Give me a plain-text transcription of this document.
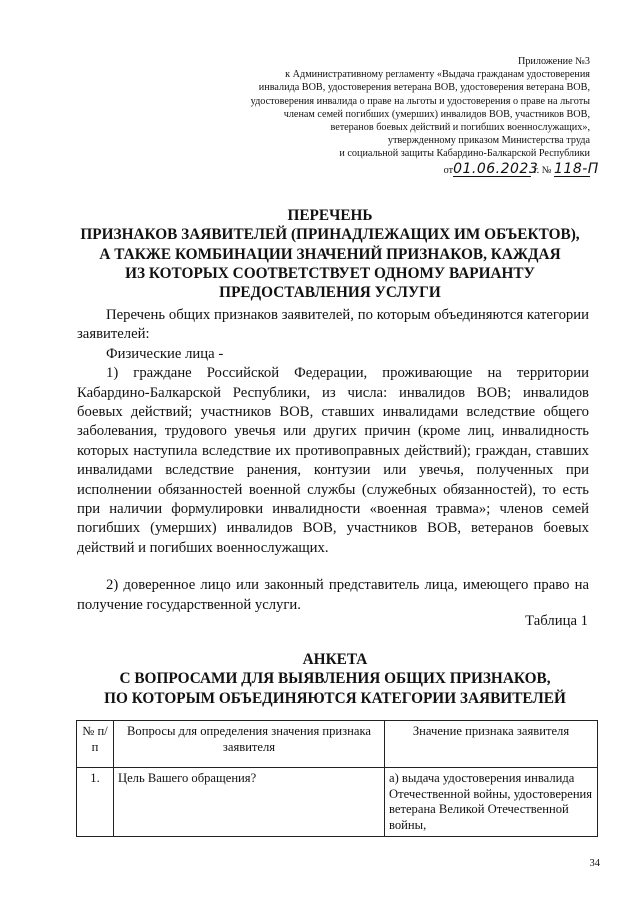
Приложение №3
к Административному регламенту «Выдача гражданам удостоверения
инвалида ВОВ, удостоверения ветерана ВОВ, удостоверения ветерана ВОВ,
удостоверения инвалида о праве на льготы и удостоверения о праве на льготы
членам семей погибших (умерших) инвалидов ВОВ, участников ВОВ,
ветеранов боевых действий и погибших военнослужащих»,
утвержденному приказом Министерства труда
и социальной защиты Кабардино-Балкарской Республики
от01.06.2023 г. № 118-П
ПЕРЕЧЕНЬ
ПРИЗНАКОВ ЗАЯВИТЕЛЕЙ (ПРИНАДЛЕЖАЩИХ ИМ ОБЪЕКТОВ),
А ТАКЖЕ КОМБИНАЦИИ ЗНАЧЕНИЙ ПРИЗНАКОВ, КАЖДАЯ
ИЗ КОТОРЫХ СООТВЕТСТВУЕТ ОДНОМУ ВАРИАНТУ
ПРЕДОСТАВЛЕНИЯ УСЛУГИ

Перечень общих признаков заявителей, по которым объединяются категории заявителей:

Физические лица -

1) граждане Российской Федерации, проживающие на территории Кабардино-Балкарской Республики, из числа: инвалидов ВОВ; инвалидов боевых действий; участников ВОВ, ставших инвалидами вследствие общего заболевания, трудового увечья или других причин (кроме лиц, инвалидность которых наступила вследствие их противоправных действий); граждан, ставших инвалидами вследствие ранения, контузии или увечья, полученных при исполнении обязанностей военной службы (служебных обязанностей), то есть при наличии формулировки инвалидности «военная травма»; членов семей погибших (умерших) инвалидов ВОВ, участников ВОВ, ветеранов боевых действий и погибших военнослужащих.

2) доверенное лицо или законный представитель лица, имеющего право на получение государственной услуги.

Таблица 1
АНКЕТА
С ВОПРОСАМИ ДЛЯ ВЫЯВЛЕНИЯ ОБЩИХ ПРИЗНАКОВ,
ПО КОТОРЫМ ОБЪЕДИНЯЮТСЯ КАТЕГОРИИ ЗАЯВИТЕЛЕЙ
№ п/п	Вопросы для определения значения признака заявителя	Значение признака заявителя
1.	Цель Вашего обращения?	а) выдача удостоверения инвалида Отечественной войны, удостоверения ветерана Великой Отечественной войны,
34
